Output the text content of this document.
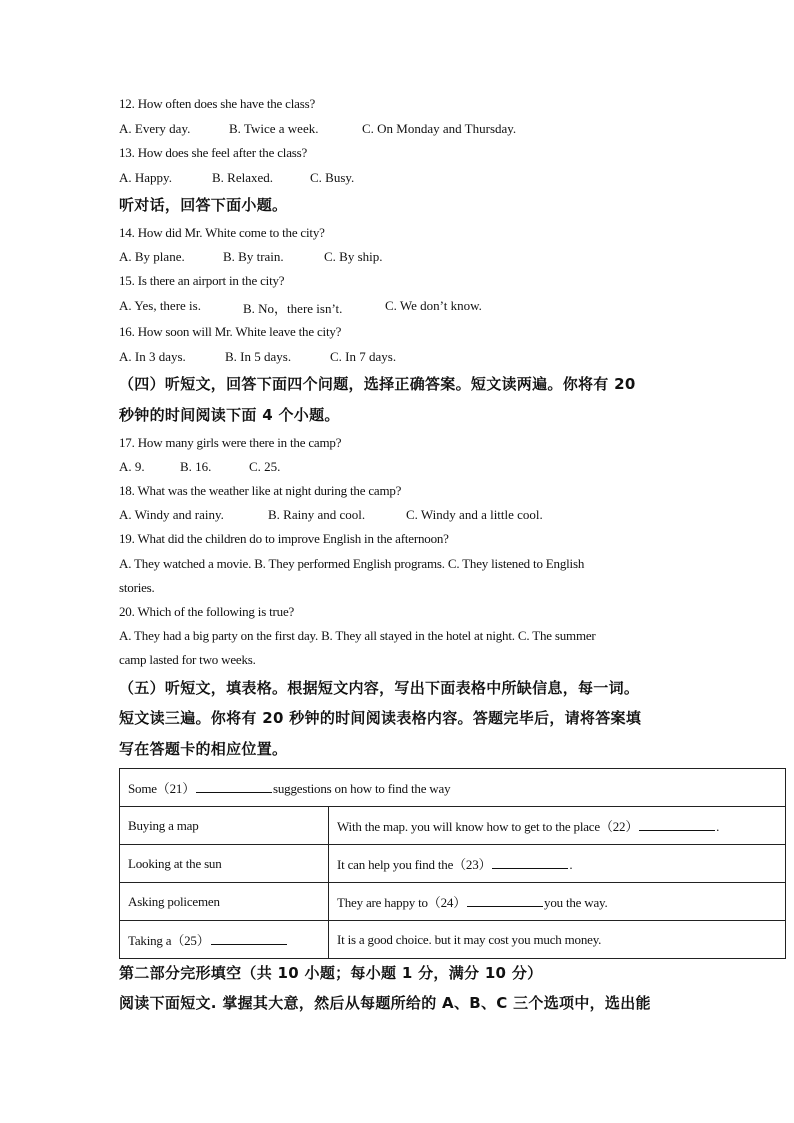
12. How often does she have the class?
A. Every day.	B. Twice a week.	C. On Monday and Thursday.
13. How does she feel after the class?
A. Happy.	B. Relaxed.	C. Busy.
听对话，回答下面小题。
14. How did Mr. White come to the city?
A. By plane.	B. By train.	C. By ship.
15. Is there an airport in the city?
A. Yes, there is.	B. No，there isn’t.	C. We don’t know.
16. How soon will Mr. White leave the city?
A. In 3 days.	B. In 5 days.	C. In 7 days.
（四）听短文，回答下面四个问题，选择正确答案。短文读两遍。你将有 20
秒钟的时间阅读下面 4 个小题。
17. How many girls were there in the camp?
A. 9.	B. 16.	C. 25.
18. What was the weather like at night during the camp?
A. Windy and rainy.	B. Rainy and cool.	C. Windy and a little cool.
19. What did the children do to improve English in the afternoon?
A. They watched a movie. B. They performed English programs. C. They listened to English
stories.
20. Which of the following is true?
A. They had a big party on the first day. B. They all stayed in the hotel at night. C. The summer
camp lasted for two weeks.
（五）听短文，填表格。根据短文内容，写出下面表格中所缺信息，每一词。
短文读三遍。你将有 20 秒钟的时间阅读表格内容。答题完毕后，请将答案填
写在答题卡的相应位置。
Some（21） suggestions on how to find the way	
Buying a map	With the map. you will know how to get to the place（22） .
Looking at the sun	It can help you find the（23） .
Asking policemen	They are happy to（24） you the way.
Taking a（25）	It is a good choice. but it may cost you much money.
第二部分完形填空（共 10 小题；每小题 1 分，满分 10 分）
阅读下面短文. 掌握其大意，然后从每题所给的 A、B、C 三个选项中，选出能
